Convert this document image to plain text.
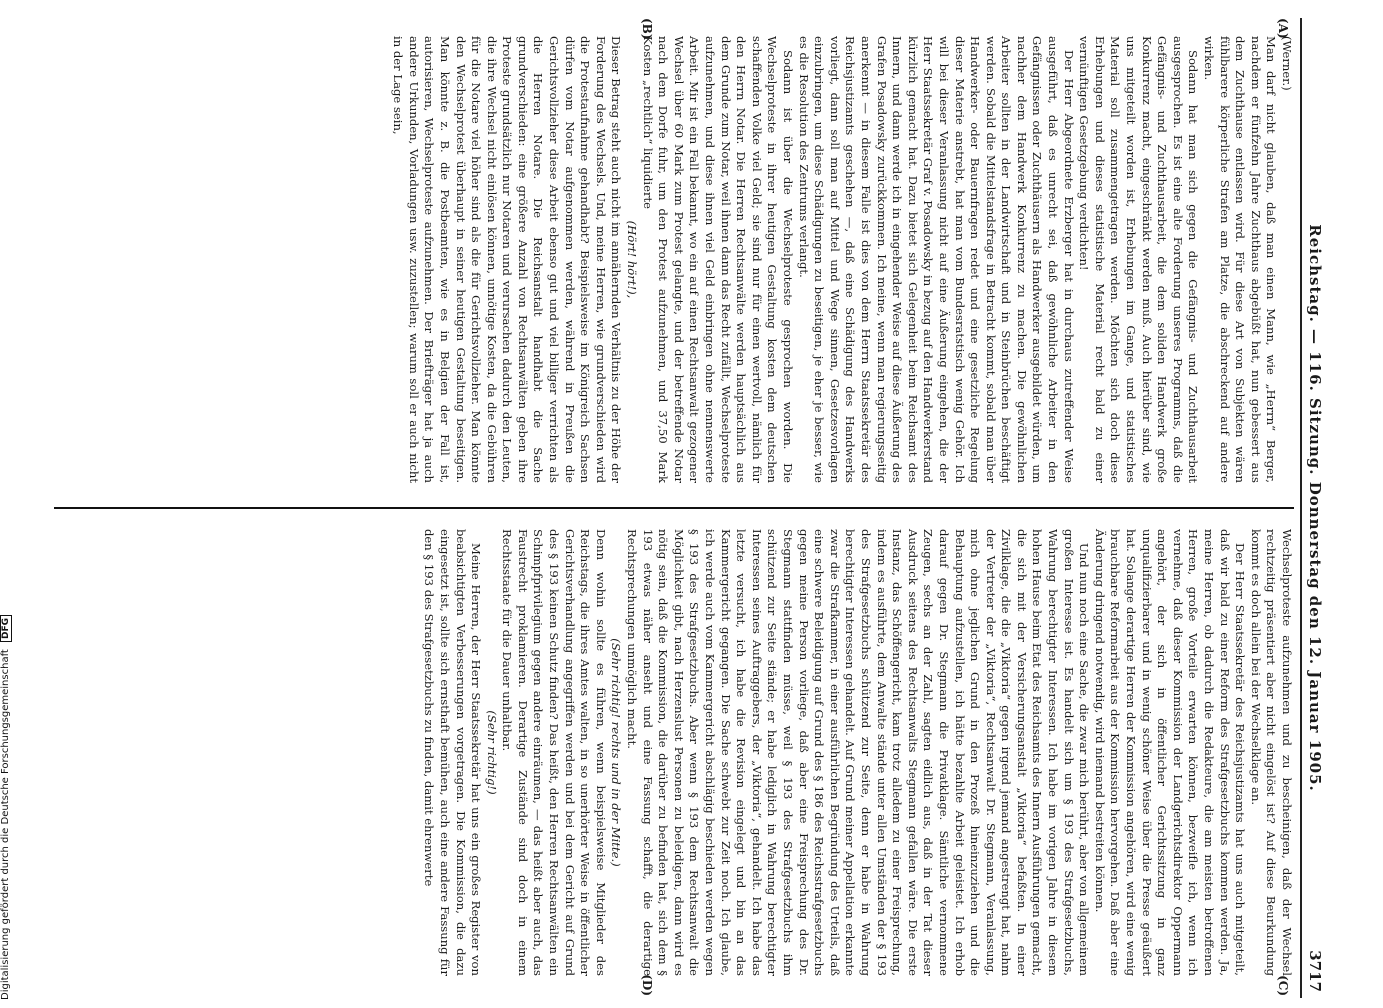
Reichstag. — 116. Sitzung. Donnerstag den 12. Januar 1905.
3717
(A)
(B)

(Werner.)

Man darf nicht glauben, daß man einen Mann, wie „Herrn“ Berger, nachdem er fünfzehn Jahre Zuchthaus abgebüßt hat, nun gebessert aus dem Zuchthause entlassen wird. Für diese Art von Subjekten wären fühlbarere körperliche Strafen am Platze, die abschreckend auf andere wirken.

Sodann hat man sich gegen die Gefängnis- und Zuchthausarbeit ausgesprochen. Es ist eine alte Forderung unseres Programms, daß die Gefängnis- und Zuchthausarbeit, die dem soliden Handwerk große Konkurrenz macht, eingeschränkt werden muß. Auch hierüber sind, wie uns mitgeteilt worden ist, Erhebungen im Gange, und statistisches Material soll zusammengetragen werden. Möchten sich doch diese Erhebungen und dieses statistische Material recht bald zu einer vernünftigen Gesetzgebung verdichten!

Der Herr Abgeordnete Erzberger hat in durchaus zutreffender Weise ausgeführt, daß es unrecht sei, daß gewöhnliche Arbeiter in den Gefängnissen oder Zuchthäusern als Handwerker ausgebildet würden, um nachher dem Handwerk Konkurrenz zu machen. Die gewöhnlichen Arbeiter sollten in der Landwirtschaft und in Steinbrüchen beschäftigt werden. Sobald die Mittelstandsfrage in Betracht kommt, sobald man über Handwerker- oder Bauernfragen redet und eine gesetzliche Regelung dieser Materie anstrebt, hat man vom Bundesratstisch wenig Gehör. Ich will bei dieser Veranlassung nicht auf eine Äußerung eingehen, die der Herr Staatssekretär Graf v. Posadowsky in bezug auf den Handwerkerstand kürzlich gemacht hat. Dazu bietet sich Gelegenheit beim Reichsamt des Innern, und dann werde ich in eingehender Weise auf diese Äußerung des Grafen Posadowsky zurückkommen. Ich meine, wenn man regierungsseitig anerkennt — in diesem Falle ist dies von dem Herrn Staatssekretär des Reichsjustizamts geschehen —, daß eine Schädigung des Handwerks vorliegt, dann soll man auf Mittel und Wege sinnen, Gesetzesvorlagen einzubringen, um diese Schädigungen zu beseitigen, je eher je besser, wie es die Resolution des Zentrums verlangt.

Sodann ist über die Wechselproteste gesprochen worden. Die Wechselproteste in ihrer heutigen Gestaltung kosten dem deutschen schaffenden Volke viel Geld; sie sind nur für einen wertvoll, nämlich für den Herrn Notar. Die Herren Rechtsanwälte werden hauptsächlich aus dem Grunde zum Notar, weil ihnen dann das Recht zufällt, Wechselproteste aufzunehmen, und diese ihnen viel Geld einbringen ohne nennenswerte Arbeit. Mir ist ein Fall bekannt, wo ein auf einen Rechtsanwalt gezogener Wechsel über 60 Mark zum Protest gelangte, und der betreffende Notar nach dem Dorfe fuhr, um den Protest aufzunehmen, und 37,50 Mark Kosten „rechtlich“ liquidierte

(Hört! hört!),

Dieser Betrag steht auch nicht im annähernden Verhältnis zu der Höhe der Forderung des Wechsels. Und, meine Herren, wie grundverschieden wird die Protestaufnahme gehandhabt? Beispielsweise im Königreich Sachsen dürfen vom Notar aufgenommen werden, während in Preußen die Gerichtsvollzieher diese Arbeit ebenso gut und viel billiger verrichten als die Herren Notare. Die Reichsanstalt handhabt die Sache grundverschieden: eine größere Anzahl von Rechtsanwälten geben ihre Proteste grundsätzlich nur Notaren und verursachen dadurch den Leuten, die ihre Wechsel nicht einlösen können, unnötige Kosten, da die Gebühren für die Notare viel höher sind als die für Gerichtsvollzieher. Man könnte den Wechselprotest überhaupt in seiner heutigen Gestaltung beseitigen. Man könnte z. B. die Postbeamten, wie es in Belgien der Fall ist, autorisieren, Wechselproteste aufzunehmen. Der Briefträger hat ja auch andere Urkunden, Vorladungen usw. zuzustellen; warum soll er auch nicht in der Lage sein,

(C)
(D)

Wechselproteste aufzunehmen und zu bescheinigen, daß der Wechsel rechtzeitig präsentiert aber nicht eingelöst ist? Auf diese Beurkundung kommt es doch allein bei der Wechselklage an.

Der Herr Staatssekretär des Reichsjustizamts hat uns auch mitgeteilt, daß wir bald zu einer Reform des Strafgesetzbuchs kommen werden. Ja, meine Herren, ob dadurch die Redakteure, die am meisten betroffenen Herren, große Vorteile erwarten können, bezweifle ich, wenn ich vernehme, daß dieser Kommission der Landgerichtsdirektor Oppermann angehört, der sich in öffentlicher Gerichtssitzung in ganz unqualifizierbarer und in wenig schöner Weise über die Presse geäußert hat. Solange derartige Herren der Kommission angehören, wird eine wenig brauchbare Reformarbeit aus der Kommission hervorgehen. Daß aber eine Änderung dringend notwendig, wird niemand bestreiten können.

Und nun noch eine Sache, die zwar mich berührt, aber von allgemeinem großen Interesse ist. Es handelt sich um § 193 des Strafgesetzbuchs, Wahrung berechtigter Interessen. Ich habe im vorigen Jahre in diesem hohen Hause beim Etat des Reichsamts des Innern Ausführungen gemacht, die sich mit der Versicherungsanstalt „Viktoria“ befaßten. In einer Zivilklage, die die „Viktoria“ gegen irgend jemand angestrengt hat, nahm der Vertreter der „Viktoria“, Rechtsanwalt Dr. Stegmann, Veranlassung, mich ohne jeglichen Grund in den Prozeß hineinzuziehen und die Behauptung aufzustellen, ich hätte bezahlte Arbeit geleistet. Ich erhob darauf gegen Dr. Stegmann die Privatklage. Sämtliche vernommene Zeugen, sechs an der Zahl, sagten eidlich aus, daß in der Tat dieser Ausdruck seitens des Rechtsanwalts Stegmann gefallen wäre. Die erste Instanz, das Schöffengericht, kam trotz alledem zu einer Freisprechung, indem es ausführte, dem Anwalte stände unter allen Umständen der § 193 des Strafgesetzbuchs schützend zur Seite, denn er habe in Wahrung berechtigter Interessen gehandelt. Auf Grund meiner Appellation erkannte zwar die Strafkammer, in einer ausführlichen Begründung des Urteils, daß eine schwere Beleidigung auf Grund des § 186 des Reichsstrafgesetzbuchs gegen meine Person vorliege, daß aber eine Freisprechung des Dr. Stegmann stattfinden müsse, weil § 193 des Strafgesetzbuchs ihm schützend zur Seite stände; er habe lediglich in Wahrung berechtigter Interessen seines Auftraggebers, der „Viktoria“, gehandelt. Ich habe das letzte versucht, ich habe die Revision eingelegt und bin an das Kammergericht gegangen. Die Sache schwebt zur Zeit noch. Ich glaube, ich werde auch vom Kammergericht abschlägig beschieden werden wegen § 193 des Strafgesetzbuchs. Aber wenn § 193 dem Rechtsanwalt die Möglichkeit gibt, nach Herzenslust Personen zu beleidigen, dann wird es nötig sein, daß die Kommission, die darüber zu befinden hat, sich dem § 193 etwas näher anseht und eine Fassung schafft, die derartige Rechtsprechungen unmöglich macht.

(Sehr richtig! rechts und in der Mitte.)

Denn wohin sollte es führen, wenn beispielsweise Mitglieder des Reichstags, die ihres Amtes walten, in so unerhörter Weise in öffentlicher Gerichtsverhandlung angegriffen werden und bei dem Gericht auf Grund des § 193 keinen Schutz finden? Das heißt, den Herren Rechtsanwälten ein Schimpfprivilegium gegen andere einräumen, — das heißt aber auch, das Faustrecht proklamieren. Derartige Zustände sind doch in einem Rechtsstaate für die Dauer unhaltbar.

(Sehr richtig!)

Meine Herren, der Herr Staatssekretär hat uns ein großes Register von beabsichtigten Verbesserungen vorgetragen. Die Kommission, die dazu eingesetzt ist, sollte sich ernsthaft bemühen, auch eine andere Fassung für den § 193 des Strafgesetzbuchs zu finden, damit ehrenwerte

Digitalisierung gefördert durch die Deutsche Forschungsgemeinschaft DFG
